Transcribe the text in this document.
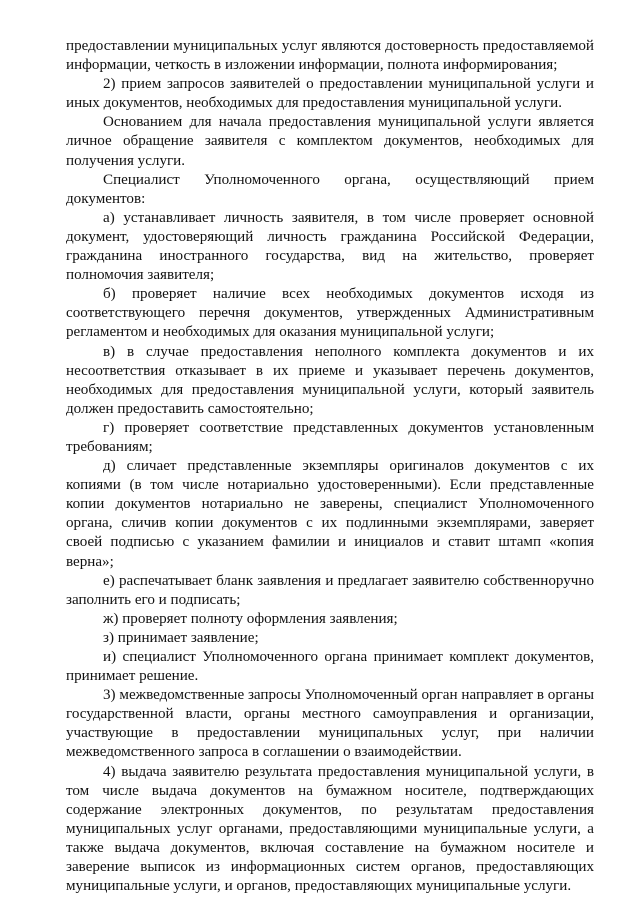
предоставлении муниципальных услуг являются достоверность предоставляемой информации, четкость в изложении информации, полнота информирования;

2) прием запросов заявителей о предоставлении муниципальной услуги и иных документов, необходимых для предоставления муниципальной услуги.

Основанием для начала предоставления муниципальной услуги является личное обращение заявителя с комплектом документов, необходимых для получения услуги.

Специалист Уполномоченного органа, осуществляющий прием документов:

а) устанавливает личность заявителя, в том числе проверяет основной документ, удостоверяющий личность гражданина Российской Федерации, гражданина иностранного государства, вид на жительство, проверяет полномочия заявителя;

б) проверяет наличие всех необходимых документов исходя из соответствующего перечня документов, утвержденных Административным регламентом и необходимых для оказания муниципальной услуги;

в) в случае предоставления неполного комплекта документов и их несоответствия отказывает в их приеме и указывает перечень документов, необходимых для предоставления муниципальной услуги, который заявитель должен предоставить самостоятельно;

г) проверяет соответствие представленных документов установленным требованиям;

д) сличает представленные экземпляры оригиналов документов с их копиями (в том числе нотариально удостоверенными). Если представленные копии документов нотариально не заверены, специалист Уполномоченного органа, сличив копии документов с их подлинными экземплярами, заверяет своей подписью с указанием фамилии и инициалов и ставит штамп «копия верна»;

е) распечатывает бланк заявления и предлагает заявителю собственноручно заполнить его и подписать;

ж) проверяет полноту оформления заявления;

з) принимает заявление;

и) специалист Уполномоченного органа принимает комплект документов, принимает решение.

3) межведомственные запросы Уполномоченный орган направляет в органы государственной власти, органы местного самоуправления и организации, участвующие в предоставлении муниципальных услуг, при наличии межведомственного запроса в соглашении о взаимодействии.

4) выдача заявителю результата предоставления муниципальной услуги, в том числе выдача документов на бумажном носителе, подтверждающих содержание электронных документов, по результатам предоставления муниципальных услуг органами, предоставляющими муниципальные услуги, а также выдача документов, включая составление на бумажном носителе и заверение выписок из информационных систем органов, предоставляющих муниципальные услуги, и органов, предоставляющих муниципальные услуги.
